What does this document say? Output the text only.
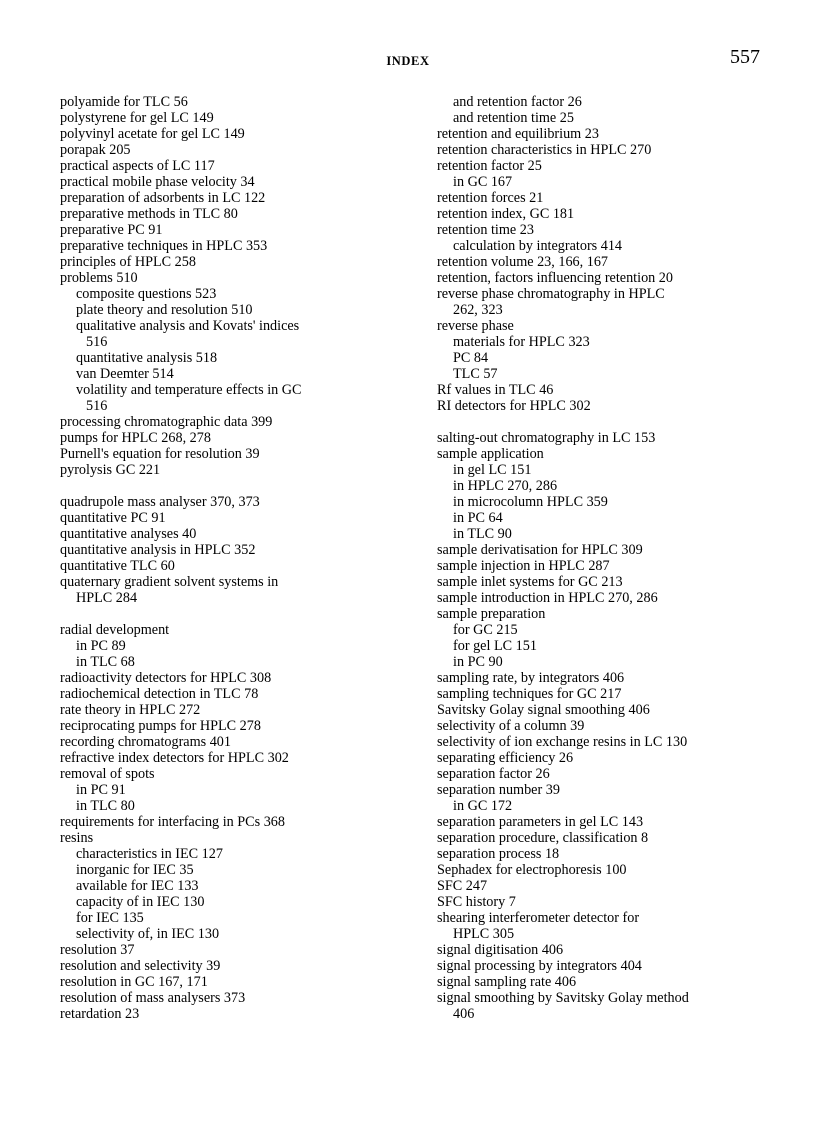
INDEX	557
polyamide for TLC 56
polystyrene for gel LC 149
polyvinyl acetate for gel LC 149
porapak 205
practical aspects of LC 117
practical mobile phase velocity 34
preparation of adsorbents in LC 122
preparative methods in TLC 80
preparative PC 91
preparative techniques in HPLC 353
principles of HPLC 258
problems 510
composite questions 523
plate theory and resolution 510
qualitative analysis and Kovats' indices
516
quantitative analysis 518
van Deemter 514
volatility and temperature effects in GC
516
processing chromatographic data 399
pumps for HPLC 268, 278
Purnell's equation for resolution 39
pyrolysis GC 221
quadrupole mass analyser 370, 373
quantitative PC 91
quantitative analyses 40
quantitative analysis in HPLC 352
quantitative TLC 60
quaternary gradient solvent systems in
HPLC 284
radial development
in PC 89
in TLC 68
radioactivity detectors for HPLC 308
radiochemical detection in TLC 78
rate theory in HPLC 272
reciprocating pumps for HPLC 278
recording chromatograms 401
refractive index detectors for HPLC 302
removal of spots
in PC 91
in TLC 80
requirements for interfacing in PCs 368
resins
characteristics in IEC 127
inorganic for IEC 35
available for IEC 133
capacity of in IEC 130
for IEC 135
selectivity of, in IEC 130
resolution 37
resolution and selectivity 39
resolution in GC 167, 171
resolution of mass analysers 373
retardation 23
and retention factor 26
and retention time 25
retention and equilibrium 23
retention characteristics in HPLC 270
retention factor 25
in GC 167
retention forces 21
retention index, GC 181
retention time 23
calculation by integrators 414
retention volume 23, 166, 167
retention, factors influencing retention 20
reverse phase chromatography in HPLC
262, 323
reverse phase
materials for HPLC 323
PC 84
TLC 57
Rf values in TLC 46
RI detectors for HPLC 302
salting-out chromatography in LC 153
sample application
in gel LC 151
in HPLC 270, 286
in microcolumn HPLC 359
in PC 64
in TLC 90
sample derivatisation for HPLC 309
sample injection in HPLC 287
sample inlet systems for GC 213
sample introduction in HPLC 270, 286
sample preparation
for GC 215
for gel LC 151
in PC 90
sampling rate, by integrators 406
sampling techniques for GC 217
Savitsky Golay signal smoothing 406
selectivity of a column 39
selectivity of ion exchange resins in LC 130
separating efficiency 26
separation factor 26
separation number 39
in GC 172
separation parameters in gel LC 143
separation procedure, classification 8
separation process 18
Sephadex for electrophoresis 100
SFC 247
SFC history 7
shearing interferometer detector for
HPLC 305
signal digitisation 406
signal processing by integrators 404
signal sampling rate 406
signal smoothing by Savitsky Golay method
406
